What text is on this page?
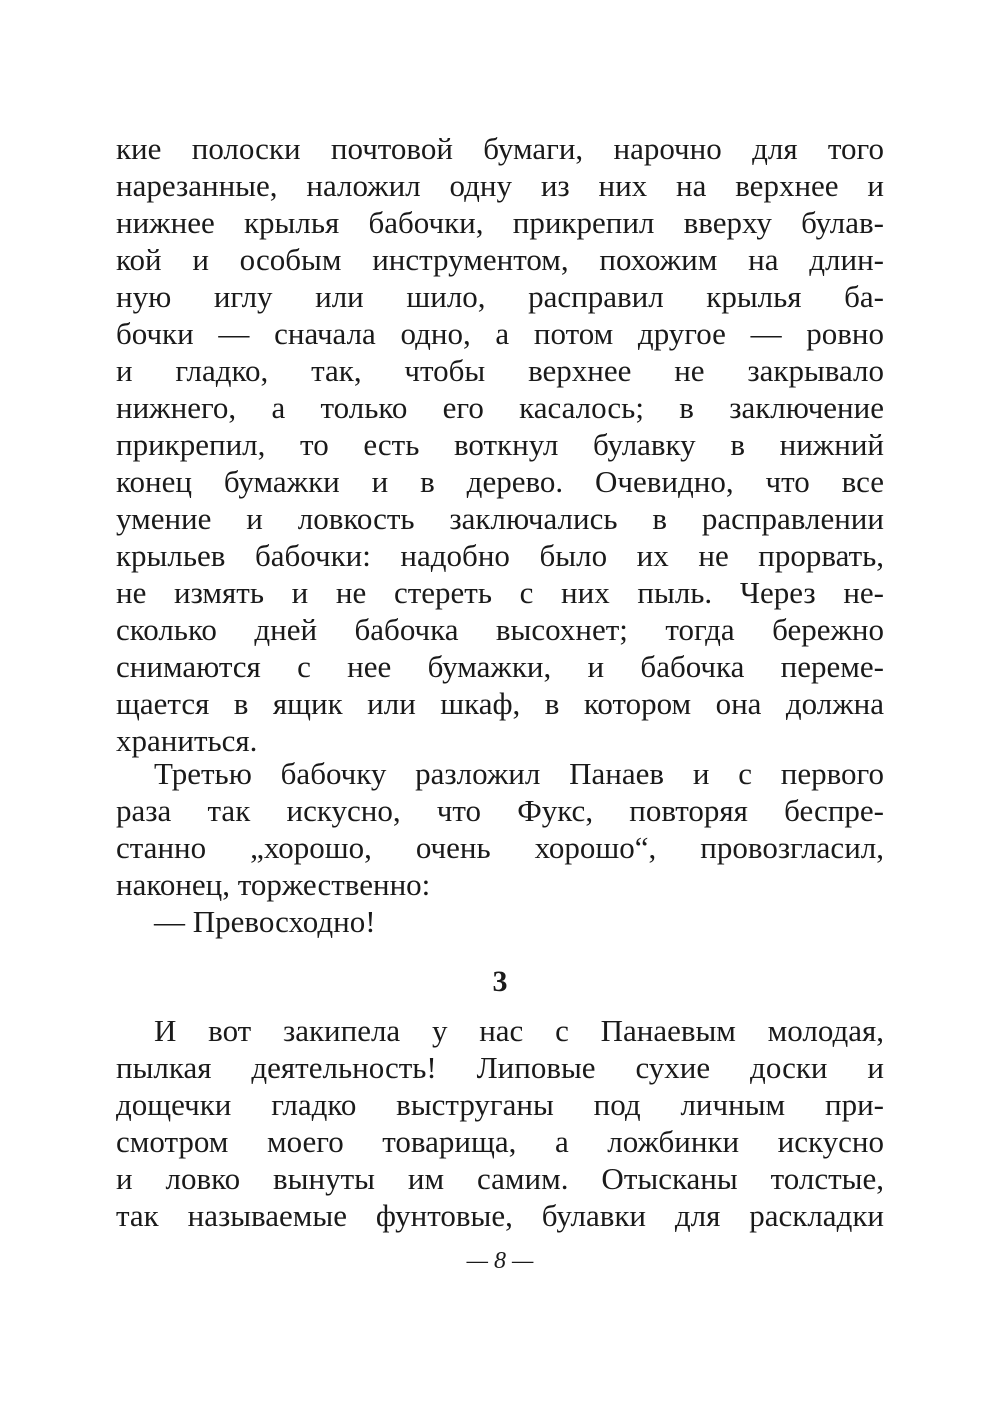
кие полоски почтовой бумаги, нарочно для того
нарезанные, наложил одну из них на верхнее и
нижнее крылья бабочки, прикрепил вверху булав-
кой и особым инструментом, похожим на длин-
ную иглу или шило, расправил крылья ба-
бочки — сначала одно, а потом другое — ровно
и гладко, так, чтобы верхнее не закрывало
нижнего, а только его касалось; в заключение
прикрепил, то есть воткнул булавку в нижний
конец бумажки и в дерево. Очевидно, что все
умение и ловкость заключались в расправлении
крыльев бабочки: надобно было их не прорвать,
не измять и не стереть с них пыль. Через не-
сколько дней бабочка высохнет; тогда бережно
снимаются с нее бумажки, и бабочка переме-
щается в ящик или шкаф, в котором она должна
храниться.
Третью бабочку разложил Панаев и с первого
раза так искусно, что Фукс, повторяя беспре-
станно „хорошо, очень хорошо“, провозгласил,
наконец, торжественно:
— Превосходно!
3
И вот закипела у нас с Панаевым молодая,
пылкая деятельность! Липовые сухие доски и
дощечки гладко выструганы под личным при-
смотром моего товарища, а ложбинки искусно
и ловко вынуты им самим. Отысканы толстые,
так называемые фунтовые, булавки для раскладки
— 8 —
